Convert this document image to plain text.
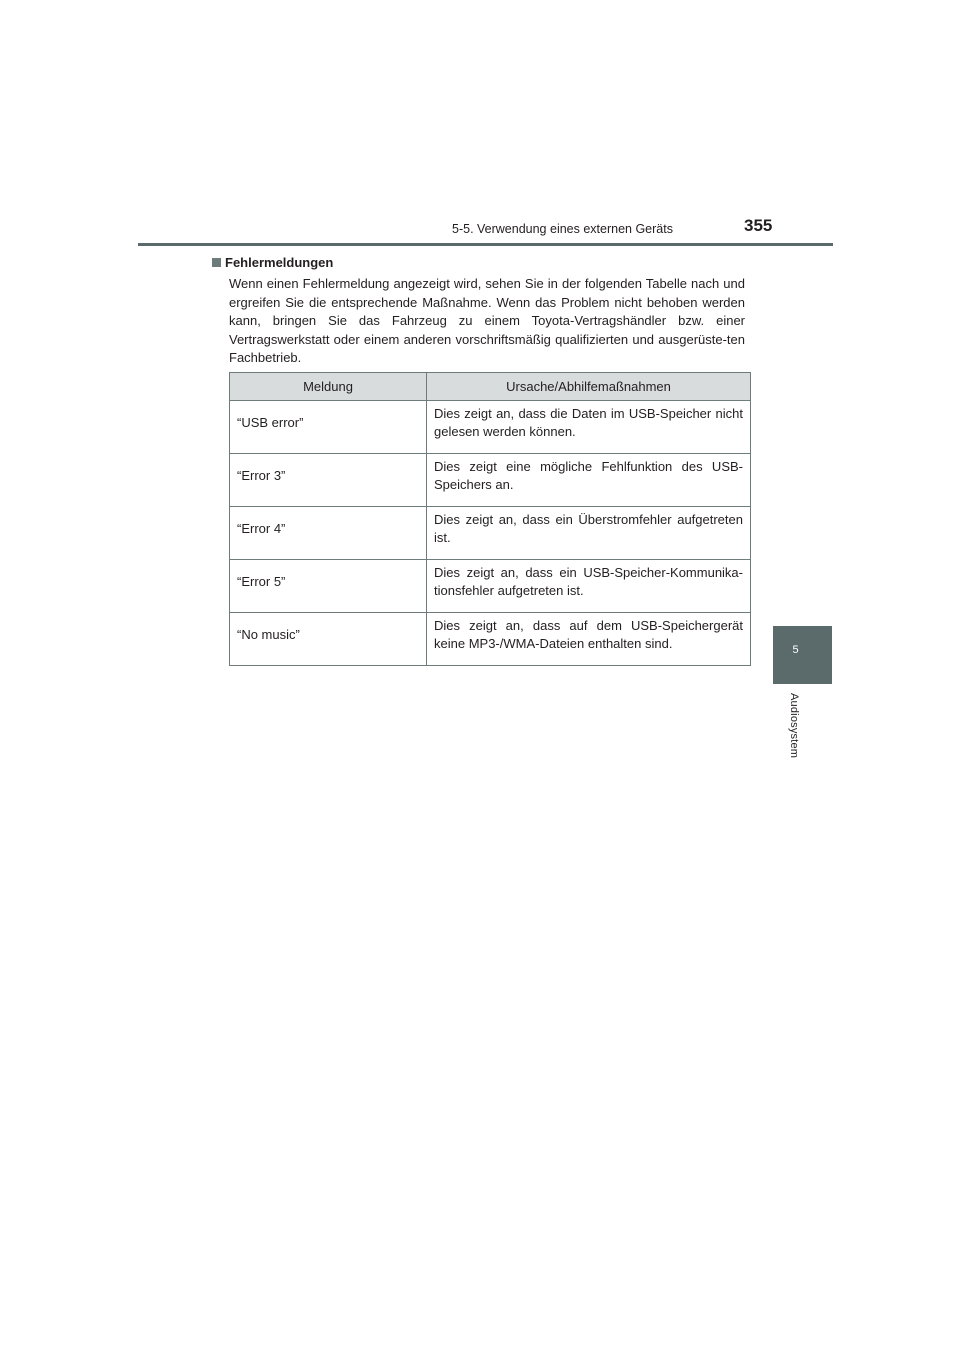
5-5. Verwendung eines externen Geräts	355
5
Audiosystem
Fehlermeldungen
Wenn einen Fehlermeldung angezeigt wird, sehen Sie in der folgenden Tabelle nach und ergreifen Sie die entsprechende Maßnahme. Wenn das Problem nicht behoben werden kann, bringen Sie das Fahrzeug zu einem Toyota-Vertragshändler bzw. einer Vertragswerkstatt oder einem anderen vorschriftsmäßig qualifizierten und ausgerüste-ten Fachbetrieb.
Meldung	Ursache/Abhilfemaßnahmen
“USB error”	Dies zeigt an, dass die Daten im USB-Speicher nicht gelesen werden können.
“Error 3”	Dies zeigt eine mögliche Fehlfunktion des USB-Speichers an.
“Error 4”	Dies zeigt an, dass ein Überstromfehler aufgetreten ist.
“Error 5”	Dies zeigt an, dass ein USB-Speicher-Kommunika-tionsfehler aufgetreten ist.
“No music”	Dies zeigt an, dass auf dem USB-Speichergerät keine MP3-/WMA-Dateien enthalten sind.
